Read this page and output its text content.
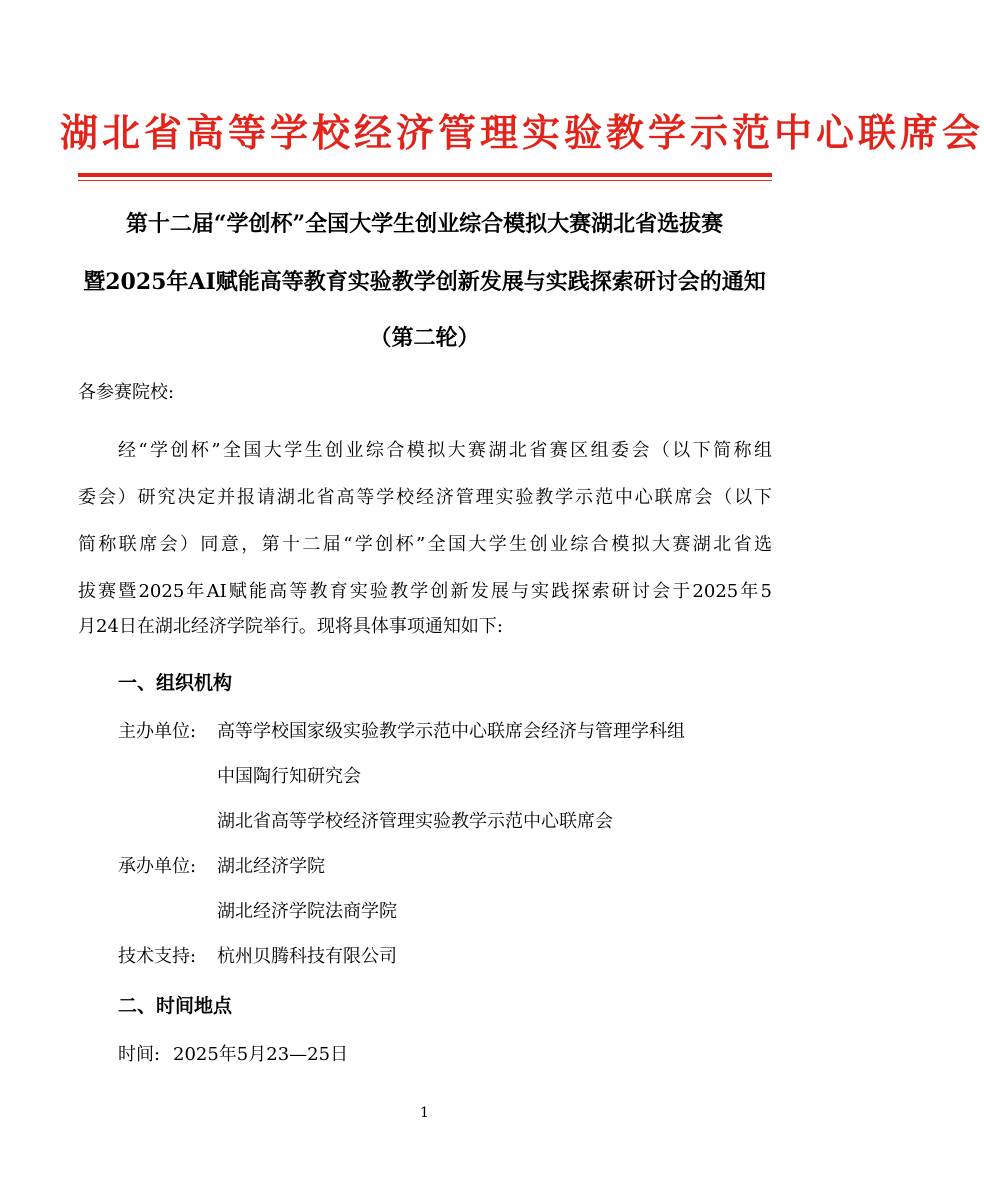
湖北省高等学校经济管理实验教学示范中心联席会
第十二届“学创杯”全国大学生创业综合模拟大赛湖北省选拔赛
暨2025年AI赋能高等教育实验教学创新发展与实践探索研讨会的通知
（第二轮）
各参赛院校:
经“学创杯”全国大学生创业综合模拟大赛湖北省赛区组委会（以下简称组
委会）研究决定并报请湖北省高等学校经济管理实验教学示范中心联席会（以下
简称联席会）同意，第十二届“学创杯”全国大学生创业综合模拟大赛湖北省选
拔赛暨2025年AI赋能高等教育实验教学创新发展与实践探索研讨会于2025年5
月24日在湖北经济学院举行。现将具体事项通知如下:
一、组织机构
主办单位: 高等学校国家级实验教学示范中心联席会经济与管理学科组
中国陶行知研究会
湖北省高等学校经济管理实验教学示范中心联席会
承办单位: 湖北经济学院
湖北经济学院法商学院
技术支持: 杭州贝腾科技有限公司
二、时间地点
时间: 2025年5月23—25日
1
